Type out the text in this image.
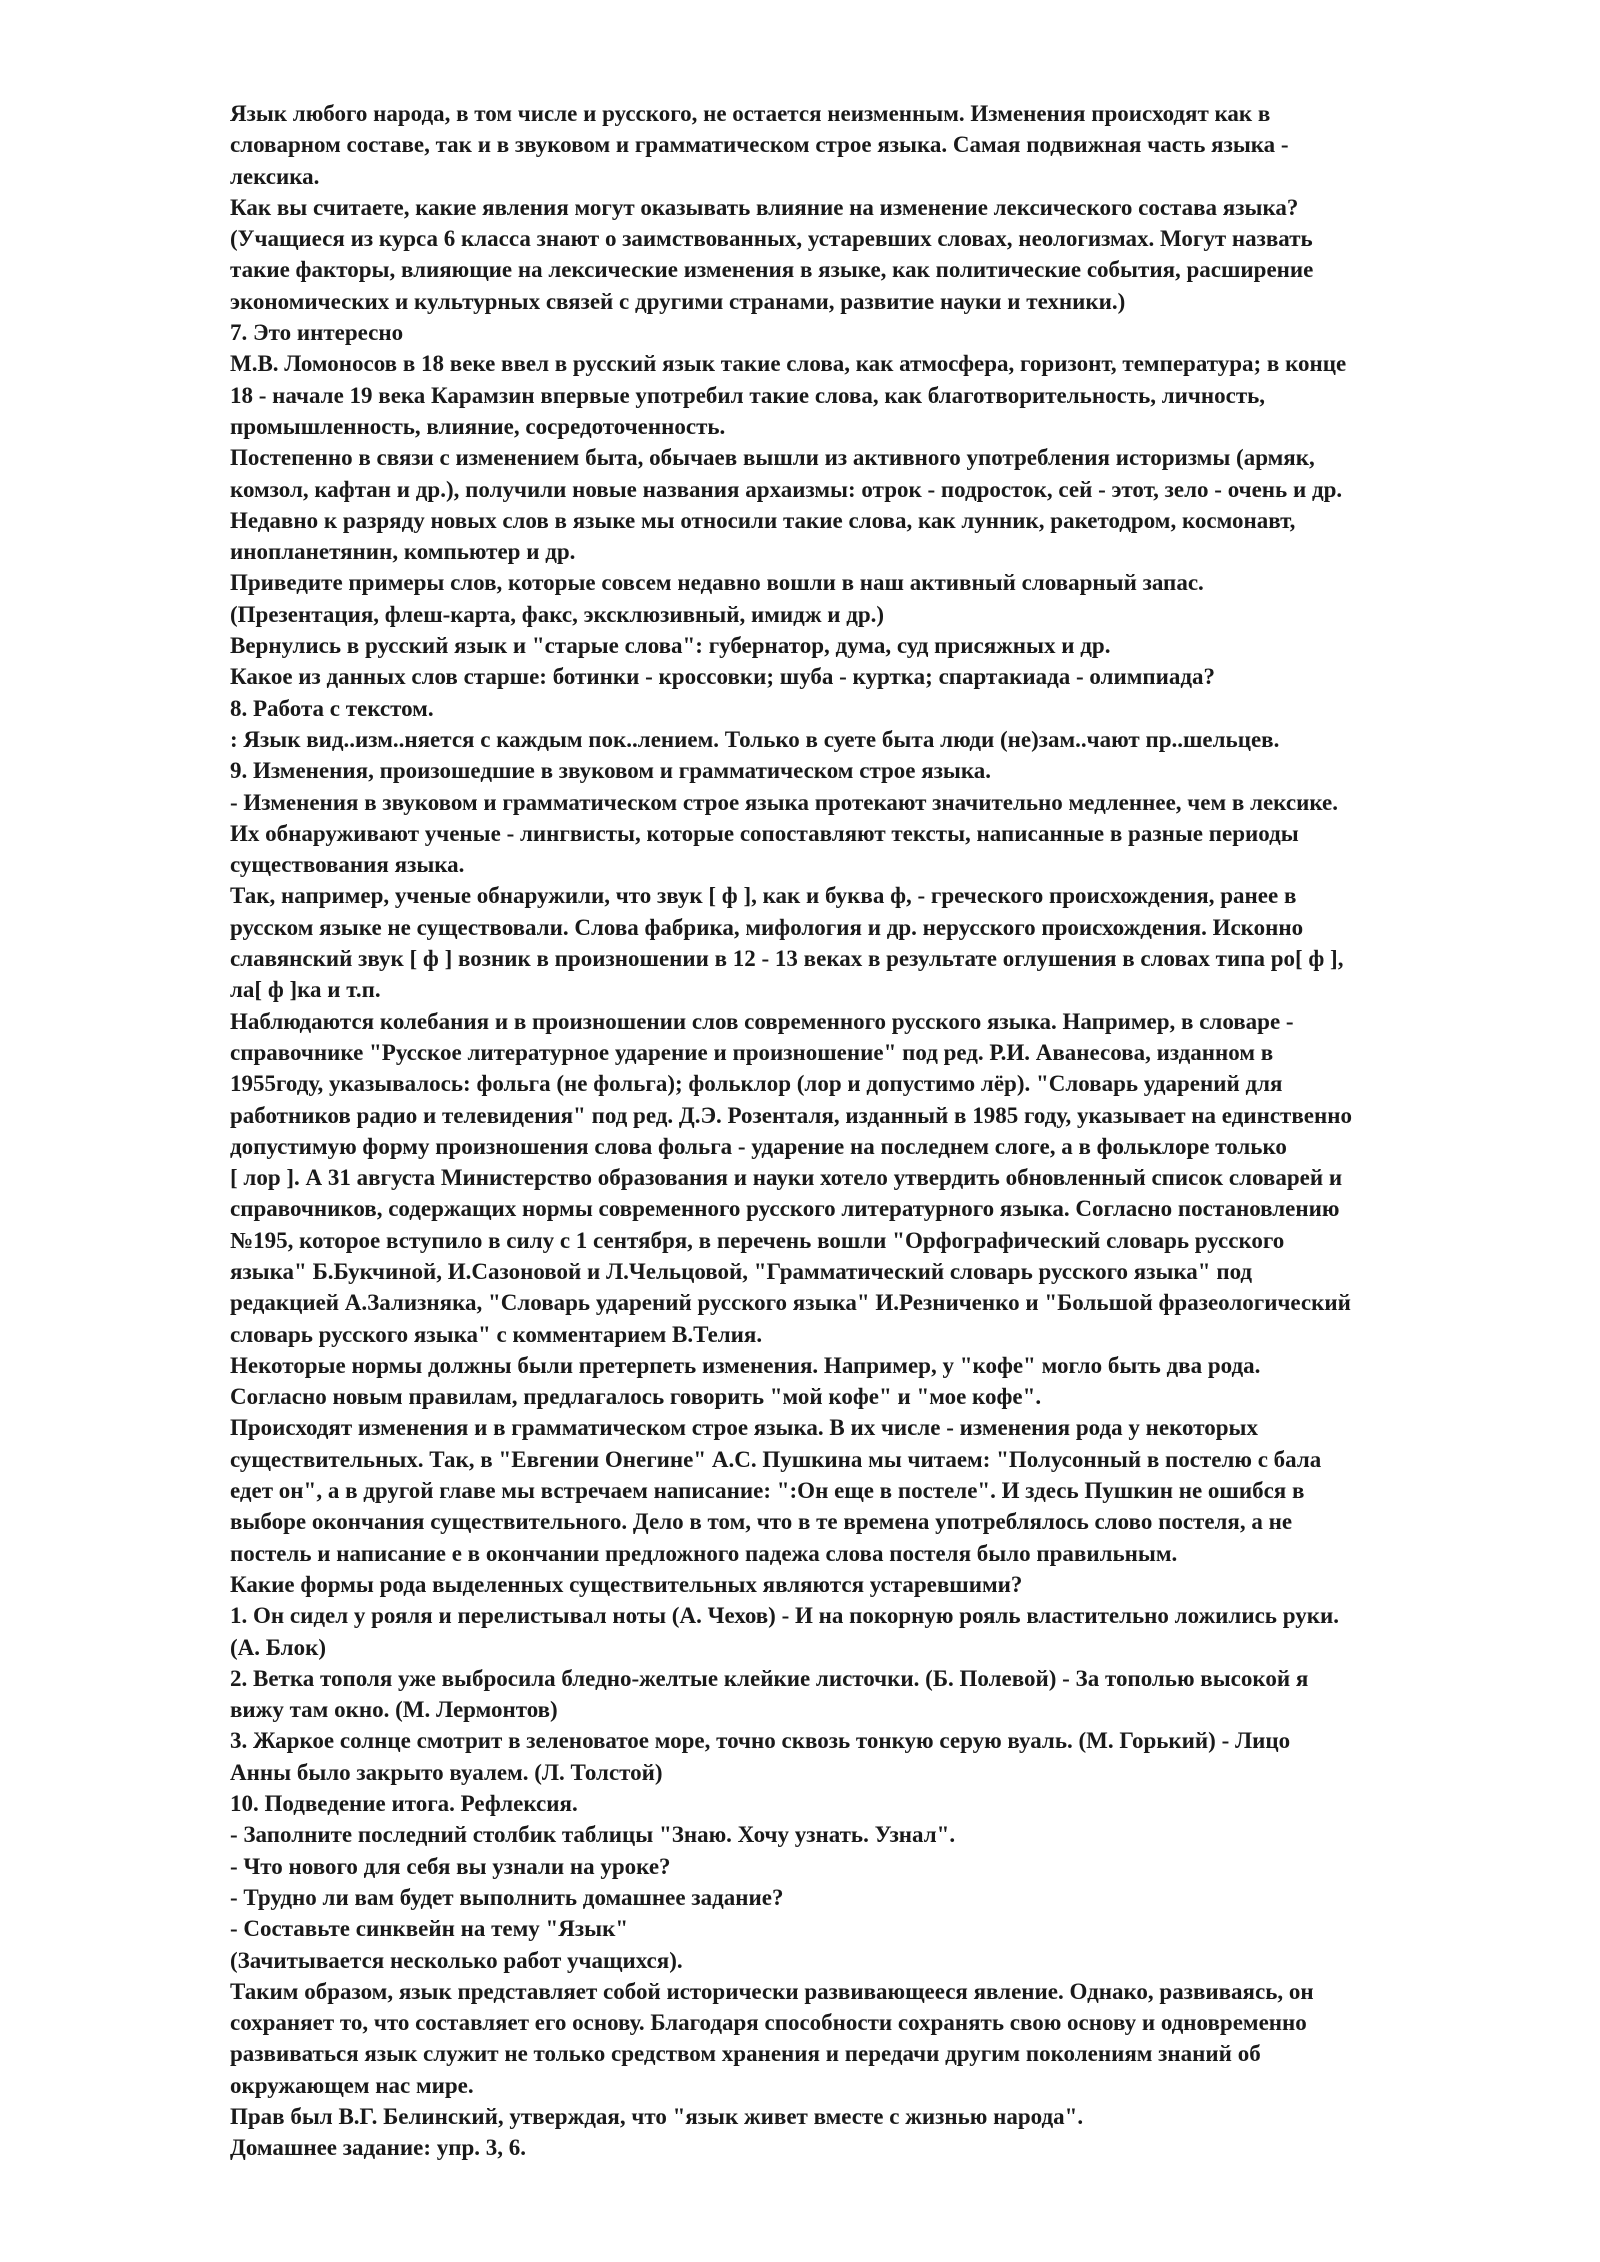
Язык любого народа, в том числе и русского, не остается неизменным. Изменения происходят как в
словарном составе, так и в звуковом и грамматическом строе языка. Самая подвижная часть языка -
лексика.
Как вы считаете, какие явления могут оказывать влияние на изменение лексического состава языка?
(Учащиеся из курса 6 класса знают о заимствованных, устаревших словах, неологизмах. Могут назвать
такие факторы, влияющие на лексические изменения в языке, как политические события, расширение
экономических и культурных связей с другими странами, развитие науки и техники.)
7. Это интересно
М.В. Ломоносов в 18 веке ввел в русский язык такие слова, как атмосфера, горизонт, температура; в конце
18 - начале 19 века Карамзин впервые употребил такие слова, как благотворительность, личность,
промышленность, влияние, сосредоточенность.
Постепенно в связи с изменением быта, обычаев вышли из активного употребления историзмы (армяк,
комзол, кафтан и др.), получили новые названия архаизмы: отрок - подросток, сей - этот, зело - очень и др.
Недавно к разряду новых слов в языке мы относили такие слова, как лунник, ракетодром, космонавт,
инопланетянин, компьютер и др.
Приведите примеры слов, которые совсем недавно вошли в наш активный словарный запас.
(Презентация, флеш-карта, факс, эксклюзивный, имидж и др.)
Вернулись в русский язык и "старые слова": губернатор, дума, суд присяжных и др.
Какое из данных слов старше: ботинки - кроссовки; шуба - куртка; спартакиада - олимпиада?
8. Работа с текстом.
: Язык вид..изм..няется с каждым пок..лением. Только в суете быта люди (не)зам..чают пр..шельцев.
9. Изменения, произошедшие в звуковом и грамматическом строе языка.
- Изменения в звуковом и грамматическом строе языка протекают значительно медленнее, чем в лексике.
Их обнаруживают ученые - лингвисты, которые сопоставляют тексты, написанные в разные периоды
существования языка.
Так, например, ученые обнаружили, что звук [ ф ], как и буква ф, - греческого происхождения, ранее в
русском языке не существовали. Слова фабрика, мифология и др. нерусского происхождения. Исконно
славянский звук [ ф ] возник в произношении в 12 - 13 веках в результате оглушения в словах типа ро[ ф ],
ла[ ф ]ка и т.п.
Наблюдаются колебания и в произношении слов современного русского языка. Например, в словаре -
справочнике "Русское литературное ударение и произношение" под ред. Р.И. Аванесова, изданном в
1955году, указывалось: фольга (не фольга); фольклор (лор и допустимо лёр). "Словарь ударений для
работников радио и телевидения" под ред. Д.Э. Розенталя, изданный в 1985 году, указывает на единственно
допустимую форму произношения слова фольга - ударение на последнем слоге, а в фольклоре только
[ лор ]. А 31 августа Министерство образования и науки хотело утвердить обновленный список словарей и
справочников, содержащих нормы современного русского литературного языка. Согласно постановлению
№195, которое вступило в силу с 1 сентября, в перечень вошли "Орфографический словарь русского
языка" Б.Букчиной, И.Сазоновой и Л.Чельцовой, "Грамматический словарь русского языка" под
редакцией А.Зализняка, "Словарь ударений русского языка" И.Резниченко и "Большой фразеологический
словарь русского языка" с комментарием В.Телия.
Некоторые нормы должны были претерпеть изменения. Например, у "кофе" могло быть два рода.
Согласно новым правилам, предлагалось говорить "мой кофе" и "мое кофе".
Происходят изменения и в грамматическом строе языка. В их числе - изменения рода у некоторых
существительных. Так, в "Евгении Онегине" А.С. Пушкина мы читаем: "Полусонный в постелю с бала
едет он", а в другой главе мы встречаем написание: ":Он еще в постеле". И здесь Пушкин не ошибся в
выборе окончания существительного. Дело в том, что в те времена употреблялось слово постеля, а не
постель и написание е в окончании предложного падежа слова постеля было правильным.
Какие формы рода выделенных существительных являются устаревшими?
1. Он сидел у рояля и перелистывал ноты (А. Чехов) - И на покорную рояль властительно ложились руки.
(А. Блок)
2. Ветка тополя уже выбросила бледно-желтые клейкие листочки. (Б. Полевой) - За тополью высокой я
вижу там окно. (М. Лермонтов)
3. Жаркое солнце смотрит в зеленоватое море, точно сквозь тонкую серую вуаль. (М. Горький) - Лицо
Анны было закрыто вуалем. (Л. Толстой)
10. Подведение итога. Рефлексия.
- Заполните последний столбик таблицы "Знаю. Хочу узнать. Узнал".
- Что нового для себя вы узнали на уроке?
- Трудно ли вам будет выполнить домашнее задание?
- Составьте синквейн на тему "Язык"
(Зачитывается несколько работ учащихся).
Таким образом, язык представляет собой исторически развивающееся явление. Однако, развиваясь, он
сохраняет то, что составляет его основу. Благодаря способности сохранять свою основу и одновременно
развиваться язык служит не только средством хранения и передачи другим поколениям знаний об
окружающем нас мире.
Прав был В.Г. Белинский, утверждая, что "язык живет вместе с жизнью народа".
Домашнее задание: упр. 3, 6.
